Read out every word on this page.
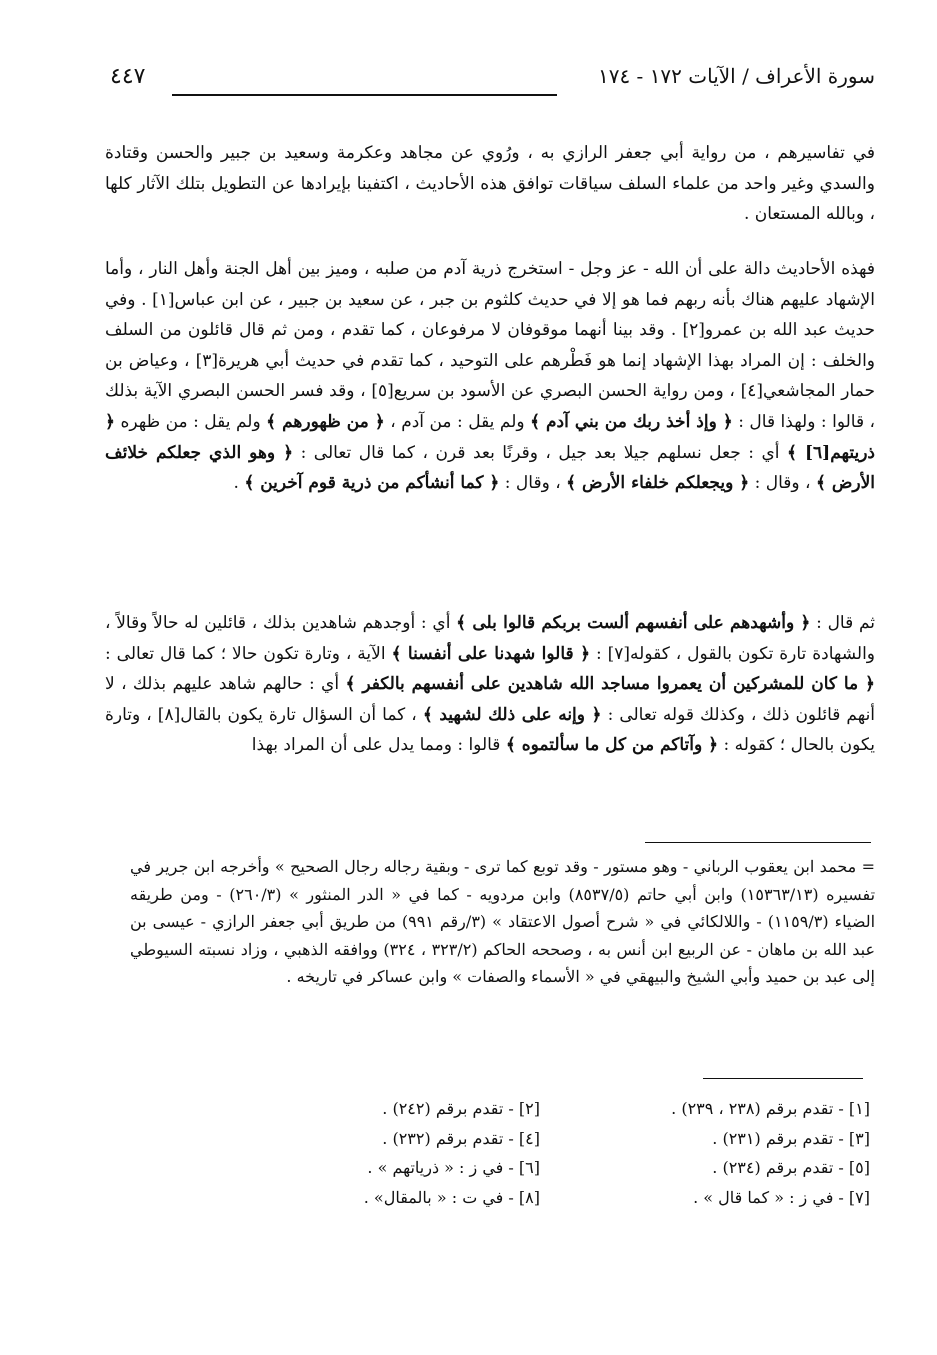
٤٤٧	سورة الأعراف / الآيات ١٧٢ - ١٧٤
في تفاسيرهم ، من رواية أبي جعفر الرازي به ، ورُوي عن مجاهد وعكرمة وسعيد بن جبير والحسن وقتادة والسدي وغير واحد من علماء السلف سياقات توافق هذه الأحاديث ، اكتفينا بإيرادها عن التطويل بتلك الآثار كلها ، وبالله المستعان .
فهذه الأحاديث دالة على أن الله - عز وجل - استخرج ذرية آدم من صلبه ، وميز بين أهل الجنة وأهل النار ، وأما الإشهاد عليهم هناك بأنه ربهم فما هو إلا في حديث كلثوم بن جبر ، عن سعيد بن جبير ، عن ابن عباس[١] . وفي حديث عبد الله بن عمرو[٢] . وقد بينا أنهما موقوفان لا مرفوعان ، كما تقدم ، ومن ثم قال قائلون من السلف والخلف : إن المراد بهذا الإشهاد إنما هو فَطْرهم على التوحيد ، كما تقدم في حديث أبي هريرة[٣] ، وعياض بن حمار المجاشعي[٤] ، ومن رواية الحسن البصري عن الأسود بن سريع[٥] ، وقد فسر الحسن البصري الآية بذلك ، قالوا : ولهذا قال : ﴿ وإذ أخذ ربك من بني آدم ﴾ ولم يقل : من آدم ، ﴿ من ظهورهم ﴾ ولم يقل : من ظهره ﴿ ذريتهم[٦] ﴾ أي : جعل نسلهم جيلا بعد جيل ، وقرنًا بعد قرن ، كما قال تعالى : ﴿ وهو الذي جعلكم خلائف الأرض ﴾ ، وقال : ﴿ ويجعلكم خلفاء الأرض ﴾ ، وقال : ﴿ كما أنشأكم من ذرية قوم آخرين ﴾ .
ثم قال : ﴿ وأشهدهم على أنفسهم ألست بربكم قالوا بلى ﴾ أي : أوجدهم شاهدين بذلك ، قائلين له حالاً وقالاً ، والشهادة تارة تكون بالقول ، كقوله[٧] : ﴿ قالوا شهدنا على أنفسنا ﴾ الآية ، وتارة تكون حالا ؛ كما قال تعالى : ﴿ ما كان للمشركين أن يعمروا مساجد الله شاهدين على أنفسهم بالكفر ﴾ أي : حالهم شاهد عليهم بذلك ، لا أنهم قائلون ذلك ، وكذلك قوله تعالى : ﴿ وإنه على ذلك لشهيد ﴾ ، كما أن السؤال تارة يكون بالقال[٨] ، وتارة يكون بالحال ؛ كقوله : ﴿ وآتاكم من كل ما سألتموه ﴾ قالوا : ومما يدل على أن المراد بهذا
= محمد ابن يعقوب الرباني - وهو مستور - وقد توبع كما ترى - وبقية رجاله رجال الصحيح » وأخرجه ابن جرير في تفسيره (١٥٣٦٣/١٣) وابن أبي حاتم (٨٥٣٧/٥) وابن مردويه - كما في « الدر المنثور » (٢٦٠/٣) - ومن طريقه الضياء (١١٥٩/٣) - واللالكائي في « شرح أصول الاعتقاد » (٣/رقم ٩٩١) من طريق أبي جعفر الرازي - عيسى بن عبد الله بن ماهان - عن الربيع ابن أنس به ، وصححه الحاكم (٣٢٣/٢ ، ٣٢٤) ووافقه الذهبي ، وزاد نسبته السيوطي إلى عبد بن حميد وأبي الشيخ والبيهقي في « الأسماء والصفات » وابن عساكر في تاريخه .
[١] - تقدم برقم (٢٣٨ ، ٢٣٩) .
[٣] - تقدم برقم (٢٣١) .
[٥] - تقدم برقم (٢٣٤) .
[٧] - في ز : « كما قال » .
[٢] - تقدم برقم (٢٤٢) .
[٤] - تقدم برقم (٢٣٢) .
[٦] - في ز : « ذرياتهم » .
[٨] - في ت : « بالمقال» .
